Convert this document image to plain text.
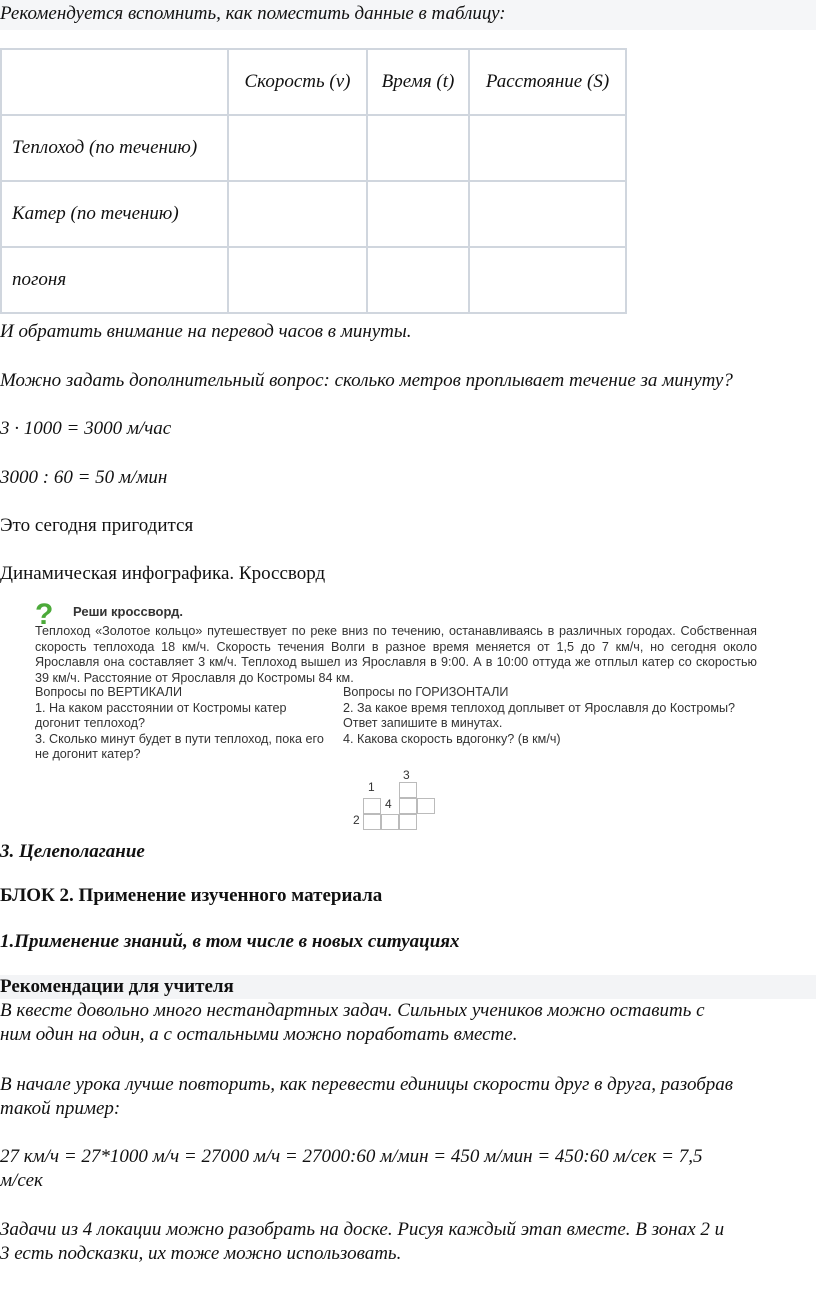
Рекомендуется вспомнить, как поместить данные в таблицу:
	Скорость (v)	Время (t)	Расстояние (S)
Теплоход (по течению)			
Катер (по течению)			
погоня			
И обратить внимание на перевод часов в минуты.
Можно задать дополнительный вопрос: сколько метров проплывает течение за минуту?
3 · 1000 = 3000 м/час
3000 : 60 = 50 м/мин
Это сегодня пригодится
Динамическая инфографика. Кроссворд
? Реши кроссворд.
Теплоход «Золотое кольцо» путешествует по реке вниз по течению, останавливаясь в различных городах. Собственная скорость теплохода 18 км/ч. Скорость течения Волги в разное время меняется от 1,5 до 7 км/ч, но сегодня около Ярославля она составляет 3 км/ч. Теплоход вышел из Ярославля в 9:00. А в 10:00 оттуда же отплыл катер со скоростью 39 км/ч. Расстояние от Ярославля до Костромы 84 км.
Вопросы по ВЕРТИКАЛИ
1. На каком расстоянии от Костромы катер догонит теплоход?
3. Сколько минут будет в пути теплоход, пока его не догонит катер?
Вопросы по ГОРИЗОНТАЛИ
2. За какое время теплоход доплывет от Ярославля до Костромы? Ответ запишите в минутах.
4. Какова скорость вдогонку? (в км/ч)
3
1
4
2
3. Целеполагание
БЛОК 2. Применение изученного материала
1.Применение знаний, в том числе в новых ситуациях
Рекомендации для учителя
В квесте довольно много нестандартных задач. Сильных учеников можно оставить с
ним один на один, а с остальными можно поработать вместе.
В начале урока лучше повторить, как перевести единицы скорости друг в друга, разобрав
такой пример:
27 км/ч = 27*1000 м/ч = 27000 м/ч = 27000:60 м/мин = 450 м/мин = 450:60 м/сек = 7,5
м/сек
Задачи из 4 локации можно разобрать на доске. Рисуя каждый этап вместе. В зонах 2 и
3 есть подсказки, их тоже можно использовать.
